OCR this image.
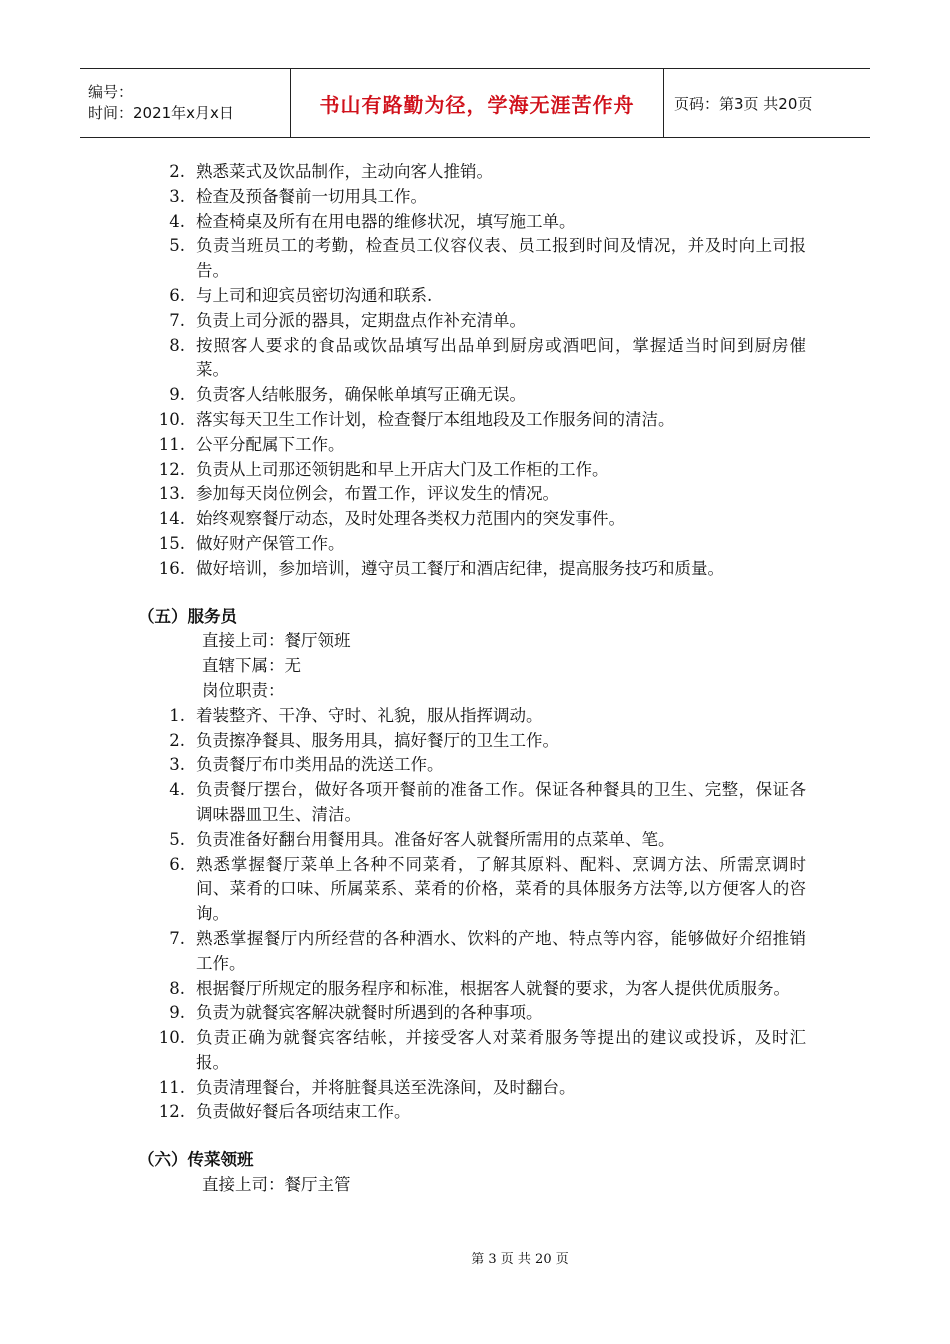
编号：
时间：2021年x月x日	书山有路勤为径，学海无涯苦作舟	页码：第3页 共20页
2. 熟悉菜式及饮品制作，主动向客人推销。
3. 检查及预备餐前一切用具工作。
4. 检查椅桌及所有在用电器的维修状况，填写施工单。
5. 负责当班员工的考勤，检查员工仪容仪表、员工报到时间及情况，并及时向上司报告。
6. 与上司和迎宾员密切沟通和联系.
7. 负责上司分派的器具，定期盘点作补充清单。
8. 按照客人要求的食品或饮品填写出品单到厨房或酒吧间，掌握适当时间到厨房催菜。
9. 负责客人结帐服务，确保帐单填写正确无误。
10. 落实每天卫生工作计划，检查餐厅本组地段及工作服务间的清洁。
11. 公平分配属下工作。
12. 负责从上司那还领钥匙和早上开店大门及工作柜的工作。
13. 参加每天岗位例会，布置工作，评议发生的情况。
14. 始终观察餐厅动态，及时处理各类权力范围内的突发事件。
15. 做好财产保管工作。
16. 做好培训，参加培训，遵守员工餐厅和酒店纪律，提高服务技巧和质量。
（五）服务员
直接上司：餐厅领班
直辖下属：无
岗位职责：
1. 着装整齐、干净、守时、礼貌，服从指挥调动。
2. 负责擦净餐具、服务用具，搞好餐厅的卫生工作。
3. 负责餐厅布巾类用品的洗送工作。
4. 负责餐厅摆台，做好各项开餐前的准备工作。保证各种餐具的卫生、完整，保证各调味器皿卫生、清洁。
5. 负责准备好翻台用餐用具。准备好客人就餐所需用的点菜单、笔。
6. 熟悉掌握餐厅菜单上各种不同菜肴，了解其原料、配料、烹调方法、所需烹调时间、菜肴的口味、所属菜系、菜肴的价格，菜肴的具体服务方法等,以方便客人的咨询。
7. 熟悉掌握餐厅内所经营的各种酒水、饮料的产地、特点等内容，能够做好介绍推销工作。
8. 根据餐厅所规定的服务程序和标准，根据客人就餐的要求，为客人提供优质服务。
9. 负责为就餐宾客解决就餐时所遇到的各种事项。
10. 负责正确为就餐宾客结帐，并接受客人对菜肴服务等提出的建议或投诉，及时汇报。
11. 负责清理餐台，并将脏餐具送至洗涤间，及时翻台。
12. 负责做好餐后各项结束工作。
（六）传菜领班
直接上司：餐厅主管
第 3 页 共 20 页
